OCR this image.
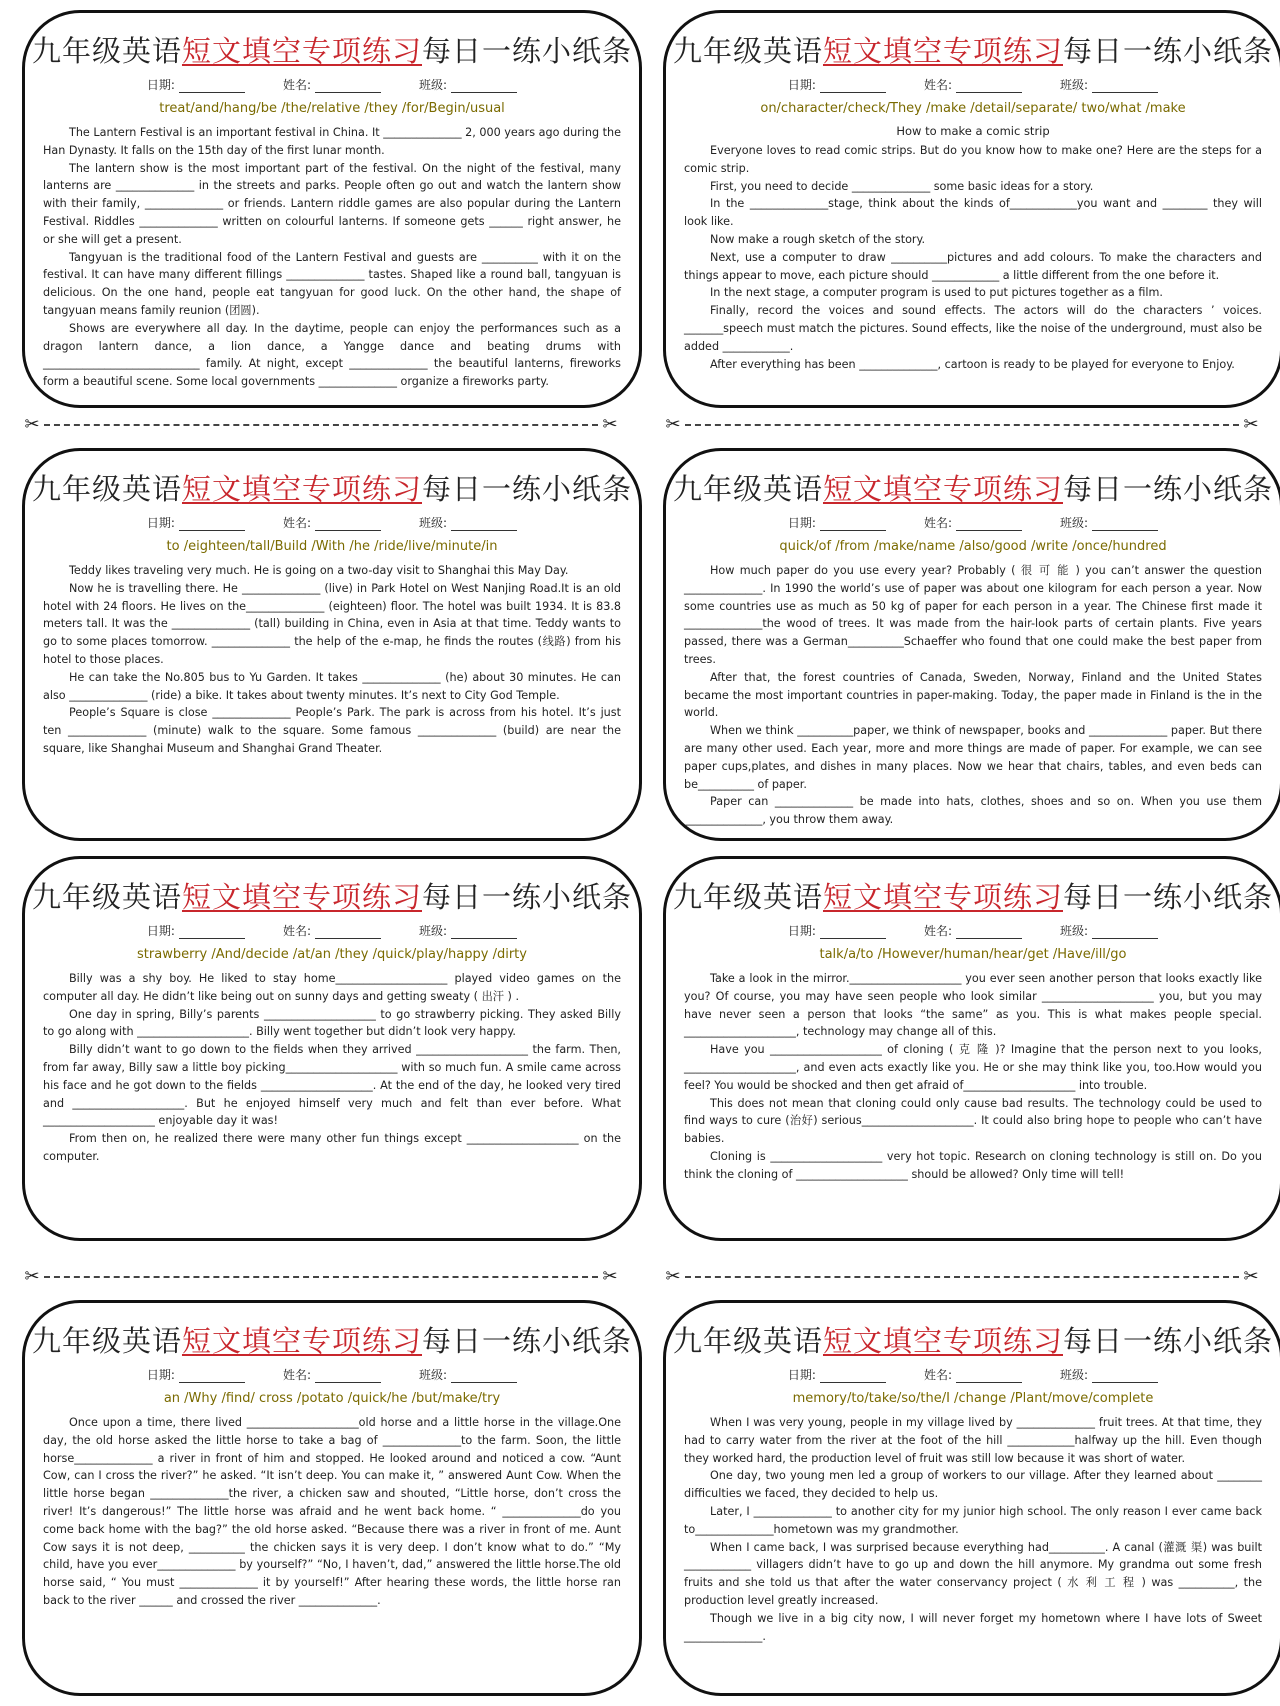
九年级英语短文填空专项练习每日一练小纸条
日期:	姓名:	班级:
treat/and/hang/be /the/relative /they /for/Begin/usual

The Lantern Festival is an important festival in China. It ______________ 2, 000 years ago during the Han Dynasty. It falls on the 15th day of the first lunar month.

The lantern show is the most important part of the festival. On the night of the festival, many lanterns are ______________ in the streets and parks. People often go out and watch the lantern show with their family, ______________ or friends. Lantern riddle games are also popular during the Lantern Festival. Riddles ______________ written on colourful lanterns. If someone gets ______ right answer, he or she will get a present.

Tangyuan is the traditional food of the Lantern Festival and guests are __________ with it on the festival. It can have many different fillings ______________ tastes. Shaped like a round ball, tangyuan is delicious. On the one hand, people eat tangyuan for good luck. On the other hand, the shape of tangyuan means family reunion (团圆).

Shows are everywhere all day. In the daytime, people can enjoy the performances such as a dragon lantern dance, a lion dance, a Yangge dance and beating drums with ____________________________ family. At night, except ______________ the beautiful lanterns, fireworks form a beautiful scene. Some local governments ______________ organize a fireworks party.

九年级英语短文填空专项练习每日一练小纸条
日期:	姓名:	班级:
on/character/check/They /make /detail/separate/ two/what /make
How to make a comic strip

Everyone loves to read comic strips. But do you know how to make one? Here are the steps for a comic strip.

First, you need to decide ______________ some basic ideas for a story.

In the ______________stage, think about the kinds of____________you want and ________ they will look like.

Now make a rough sketch of the story.

Next, use a computer to draw __________pictures and add colours. To make the characters and things appear to move, each picture should ____________ a little different from the one before it.

In the next stage, a computer program is used to put pictures together as a film.

Finally, record the voices and sound effects. The actors will do the characters ’ voices. _______speech must match the pictures. Sound effects, like the noise of the underground, must also be added ____________.

After everything has been ______________, cartoon is ready to be played for everyone to Enjoy.

九年级英语短文填空专项练习每日一练小纸条
日期:	姓名:	班级:
to /eighteen/tall/Build /With /he /ride/live/minute/in

Teddy likes traveling very much. He is going on a two-day visit to Shanghai this May Day.

Now he is travelling there. He ______________ (live) in Park Hotel on West Nanjing Road.It is an old hotel with 24 floors. He lives on the______________ (eighteen) floor. The hotel was built 1934. It is 83.8 meters tall. It was the ______________ (tall) building in China, even in Asia at that time. Teddy wants to go to some places tomorrow. ______________ the help of the e-map, he finds the routes (线路) from his hotel to those places.

He can take the No.805 bus to Yu Garden. It takes ______________ (he) about 30 minutes. He can also ______________ (ride) a bike. It takes about twenty minutes. It’s next to City God Temple.

People’s Square is close ______________ People’s Park. The park is across from his hotel. It’s just ten ______________ (minute) walk to the square. Some famous ______________ (build) are near the square, like Shanghai Museum and Shanghai Grand Theater.

九年级英语短文填空专项练习每日一练小纸条
日期:	姓名:	班级:
quick/of /from /make/name /also/good /write /once/hundred

How much paper do you use every year? Probably ( 很 可 能 ) you can’t answer the question ______________. In 1990 the world’s use of paper was about one kilogram for each person a year. Now some countries use as much as 50 kg of paper for each person in a year. The Chinese first made it ______________the wood of trees. It was made from the hair-look parts of certain plants. Five years passed, there was a German__________Schaeffer who found that one could make the best paper from trees.

After that, the forest countries of Canada, Sweden, Norway, Finland and the United States became the most important countries in paper-making. Today, the paper made in Finland is the in the world.

When we think __________paper, we think of newspaper, books and ______________ paper. But there are many other used. Each year, more and more things are made of paper. For example, we can see paper cups,plates, and dishes in many places. Now we hear that chairs, tables, and even beds can be__________ of paper.

Paper can ______________ be made into hats, clothes, shoes and so on. When you use them ______________, you throw them away.

九年级英语短文填空专项练习每日一练小纸条
日期:	姓名:	班级:
strawberry /And/decide /at/an /they /quick/play/happy /dirty

Billy was a shy boy. He liked to stay home____________________ played video games on the computer all day. He didn’t like being out on sunny days and getting sweaty ( 出汗 ) .

One day in spring, Billy’s parents ____________________ to go strawberry picking. They asked Billy to go along with ____________________. Billy went together but didn’t look very happy.

Billy didn’t want to go down to the fields when they arrived ____________________ the farm. Then, from far away, Billy saw a little boy picking____________________ with so much fun. A smile came across his face and he got down to the fields ____________________. At the end of the day, he looked very tired and ____________________. But he enjoyed himself very much and felt than ever before. What ____________________ enjoyable day it was!

From then on, he realized there were many other fun things except ____________________ on the computer.

九年级英语短文填空专项练习每日一练小纸条
日期:	姓名:	班级:
talk/a/to /However/human/hear/get /Have/ill/go

Take a look in the mirror.____________________ you ever seen another person that looks exactly like you? Of course, you may have seen people who look similar ____________________ you, but you may have never seen a person that looks “the same” as you. This is what makes people special. ____________________, technology may change all of this.

Have you ____________________ of cloning ( 克 隆 )? Imagine that the person next to you looks, ____________________, and even acts exactly like you. He or she may think like you, too.How would you feel? You would be shocked and then get afraid of____________________ into trouble.

This does not mean that cloning could only cause bad results. The technology could be used to find ways to cure (治好) serious____________________. It could also bring hope to people who can’t have babies.

Cloning is ____________________ very hot topic. Research on cloning technology is still on. Do you think the cloning of ____________________ should be allowed? Only time will tell!

九年级英语短文填空专项练习每日一练小纸条
日期:	姓名:	班级:
an /Why /find/ cross /potato /quick/he /but/make/try

Once upon a time, there lived ____________________old horse and a little horse in the village.One day, the old horse asked the little horse to take a bag of ______________to the farm. Soon, the little horse______________ a river in front of him and stopped. He looked around and noticed a cow. “Aunt Cow, can I cross the river?” he asked. “It isn’t deep. You can make it, ” answered Aunt Cow. When the little horse began ______________the river, a chicken saw and shouted, “Little horse, don’t cross the river! It’s dangerous!” The little horse was afraid and he went back home. “ ______________do you come back home with the bag?” the old horse asked. “Because there was a river in front of me. Aunt Cow says it is not deep, __________ the chicken says it is very deep. I don’t know what to do.” “My child, have you ever______________ by yourself?” “No, I haven’t, dad,” answered the little horse.The old horse said, “ You must ______________ it by yourself!” After hearing these words, the little horse ran back to the river ______ and crossed the river ______________.

九年级英语短文填空专项练习每日一练小纸条
日期:	姓名:	班级:
memory/to/take/so/the/I /change /Plant/move/complete

When I was very young, people in my village lived by ______________ fruit trees. At that time, they had to carry water from the river at the foot of the hill ____________halfway up the hill. Even though they worked hard, the production level of fruit was still low because it was short of water.

One day, two young men led a group of workers to our village. After they learned about ________ difficulties we faced, they decided to help us.

Later, I ______________ to another city for my junior high school. The only reason I ever came back to______________hometown was my grandmother.

When I came back, I was surprised because everything had__________. A canal (灌溉 渠) was built ____________ villagers didn’t have to go up and down the hill anymore. My grandma out some fresh fruits and she told us that after the water conservancy project ( 水 利 工 程 ) was __________, the production level greatly increased.

Though we live in a big city now, I will never forget my hometown where I have lots of Sweet ______________.

✂	✂	✂	✂
✂	✂	✂	✂
